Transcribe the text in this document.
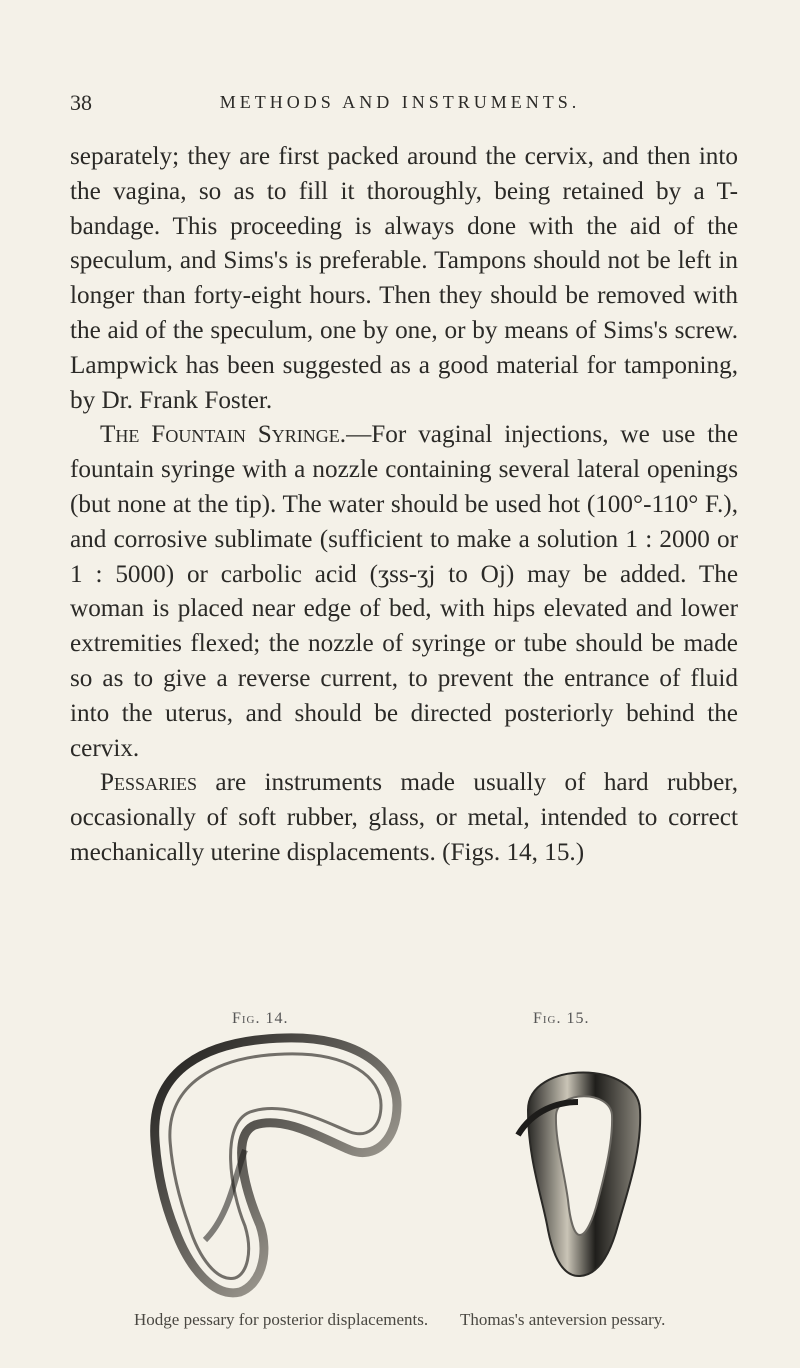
38	METHODS AND INSTRUMENTS.

separately; they are first packed around the cervix, and then into the vagina, so as to fill it thoroughly, being retained by a T-bandage. This proceeding is always done with the aid of the speculum, and Sims's is preferable. Tampons should not be left in longer than forty-eight hours. Then they should be removed with the aid of the speculum, one by one, or by means of Sims's screw. Lampwick has been suggested as a good material for tamponing, by Dr. Frank Foster.

The Fountain Syringe.—For vaginal injections, we use the fountain syringe with a nozzle containing several lateral openings (but none at the tip). The water should be used hot (100°-110° F.), and corrosive sublimate (sufficient to make a solution 1 : 2000 or 1 : 5000) or carbolic acid (ʒss-ʒj to Oj) may be added. The woman is placed near edge of bed, with hips elevated and lower extremities flexed; the nozzle of syringe or tube should be made so as to give a reverse current, to prevent the entrance of fluid into the uterus, and should be directed posteriorly behind the cervix.

Pessaries are instruments made usually of hard rubber, occasionally of soft rubber, glass, or metal, intended to correct mechanically uterine displacements. (Figs. 14, 15.)

Fig. 14.	Fig. 15.
Hodge pessary for posterior displacements. Thomas's anteversion pessary.
